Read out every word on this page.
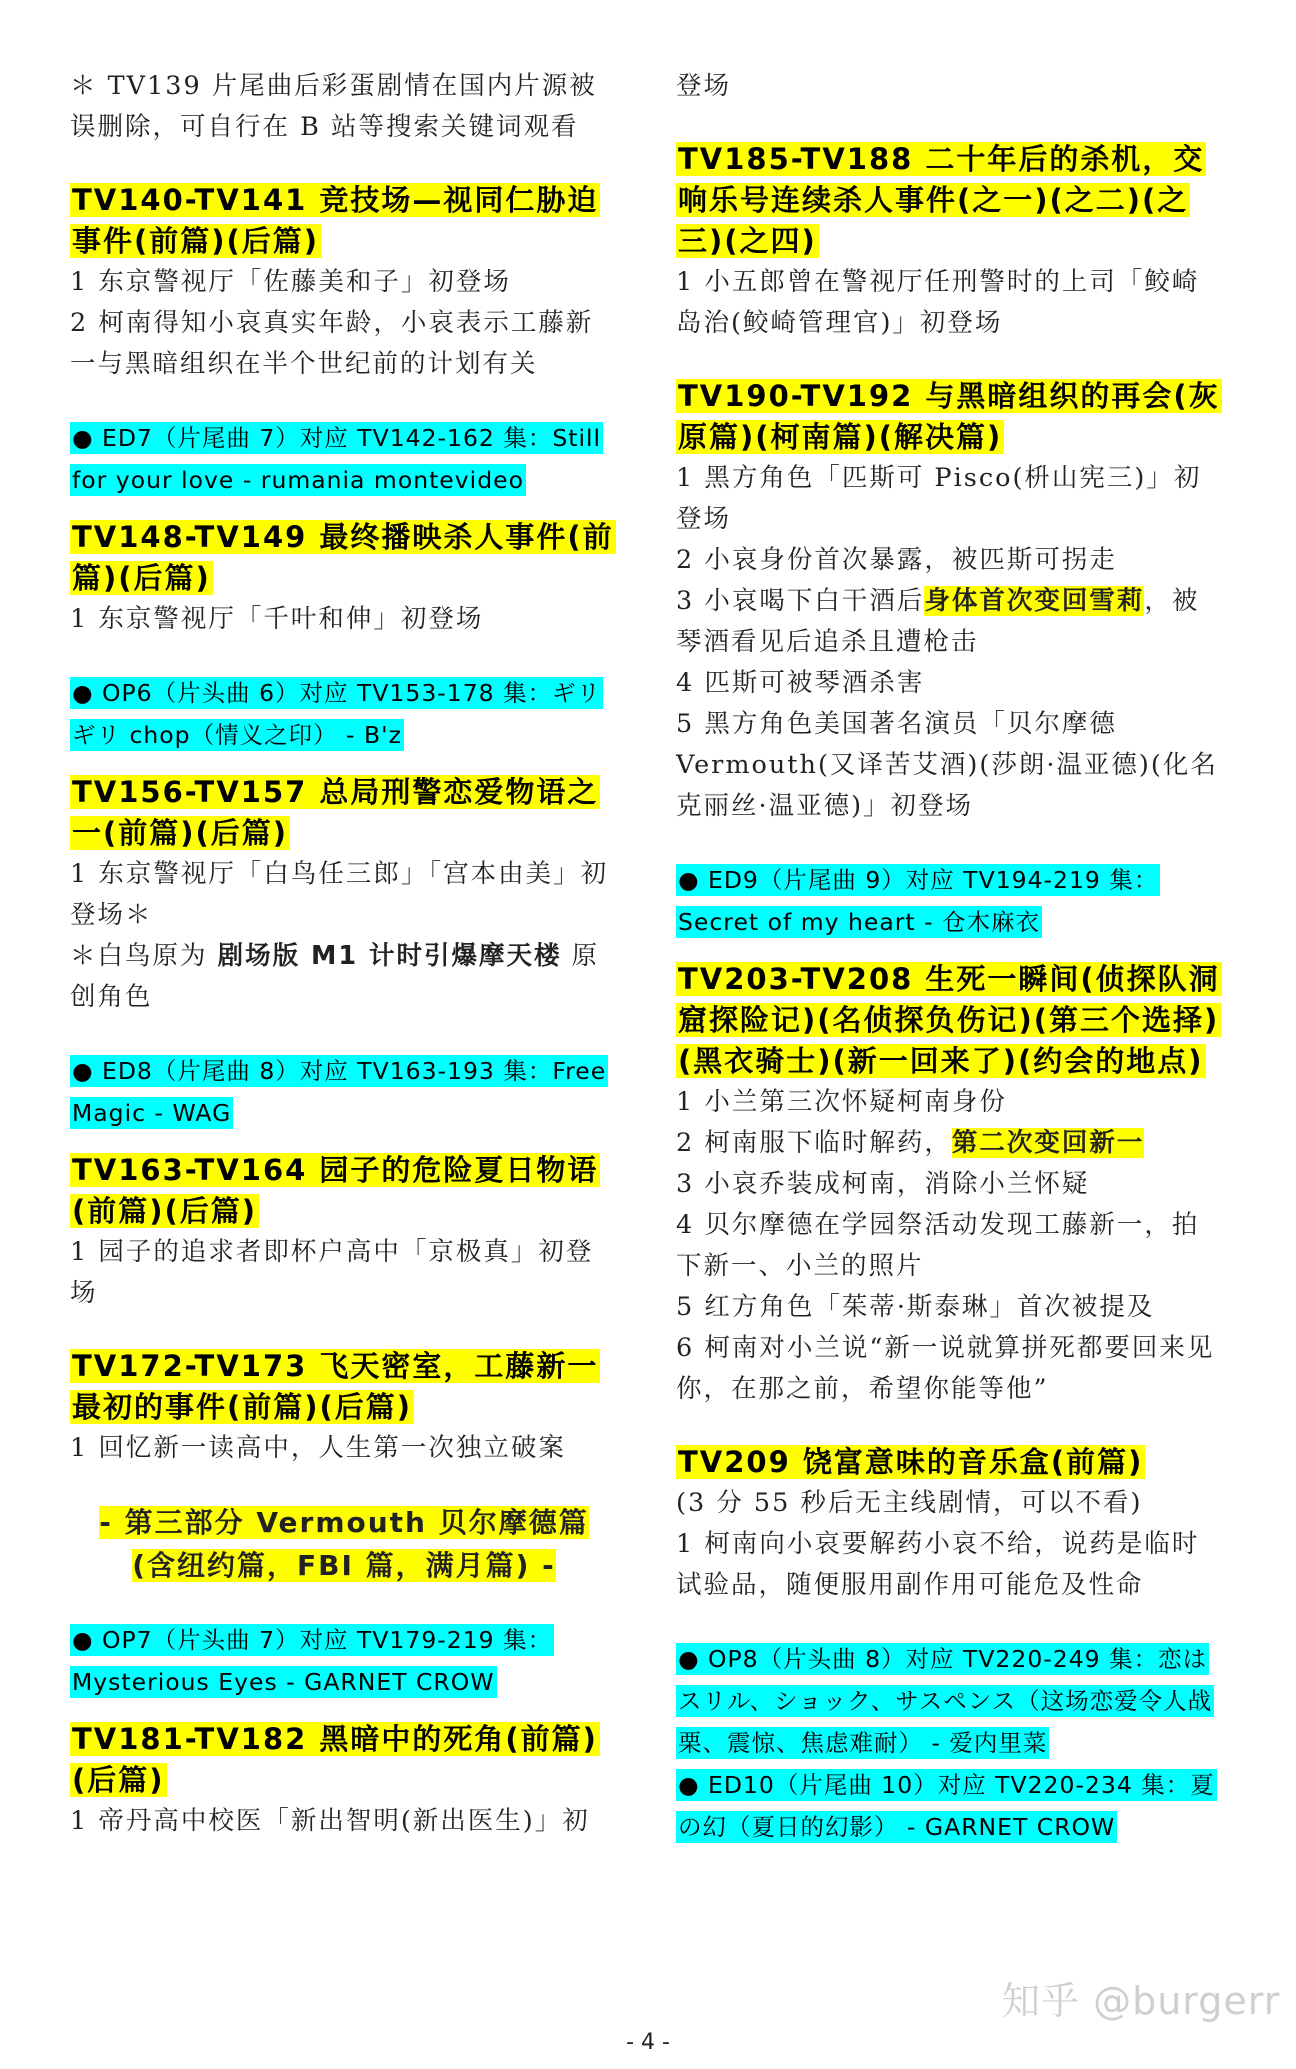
＊ TV139 片尾曲后彩蛋剧情在国内片源被误删除，可自行在 B 站等搜索关键词观看

TV140-TV141 竞技场—视同仁胁迫事件(前篇)(后篇)

1 东京警视厅「佐藤美和子」初登场

2 柯南得知小哀真实年龄，小哀表示工藤新一与黑暗组织在半个世纪前的计划有关

● ED7（片尾曲 7）对应 TV142-162 集：Still for your love - rumania montevideo

TV148-TV149 最终播映杀人事件(前篇)(后篇)

1 东京警视厅「千叶和伸」初登场

● OP6（片头曲 6）对应 TV153-178 集：ギリギリ chop（情义之印） - B'z

TV156-TV157 总局刑警恋爱物语之一(前篇)(后篇)

1 东京警视厅「白鸟任三郎」「宫本由美」初登场＊

＊白鸟原为 剧场版 M1 计时引爆摩天楼 原创角色

● ED8（片尾曲 8）对应 TV163-193 集：Free Magic - WAG

TV163-TV164 园子的危险夏日物语(前篇)(后篇)

1 园子的追求者即杯户高中「京极真」初登场

TV172-TV173 飞天密室，工藤新一最初的事件(前篇)(后篇)

1 回忆新一读高中，人生第一次独立破案

- 第三部分 Vermouth 贝尔摩德篇

(含纽约篇，FBI 篇，满月篇) -

● OP7（片头曲 7）对应 TV179-219 集：Mysterious Eyes - GARNET CROW

TV181-TV182 黑暗中的死角(前篇)(后篇)

1 帝丹高中校医「新出智明(新出医生)」初

登场

TV185-TV188 二十年后的杀机，交响乐号连续杀人事件(之一)(之二)(之三)(之四)

1 小五郎曾在警视厅任刑警时的上司「鲛崎岛治(鲛崎管理官)」初登场

TV190-TV192 与黑暗组织的再会(灰原篇)(柯南篇)(解决篇)

1 黑方角色「匹斯可 Pisco(枡山宪三)」初登场

2 小哀身份首次暴露，被匹斯可拐走

3 小哀喝下白干酒后身体首次变回雪莉，被琴酒看见后追杀且遭枪击

4 匹斯可被琴酒杀害

5 黑方角色美国著名演员「贝尔摩德 Vermouth(又译苦艾酒)(莎朗·温亚德)(化名克丽丝·温亚德)」初登场

● ED9（片尾曲 9）对应 TV194-219 集：Secret of my heart - 仓木麻衣

TV203-TV208 生死一瞬间(侦探队洞窟探险记)(名侦探负伤记)(第三个选择)(黑衣骑士)(新一回来了)(约会的地点)

1 小兰第三次怀疑柯南身份

2 柯南服下临时解药，第二次变回新一

3 小哀乔装成柯南，消除小兰怀疑

4 贝尔摩德在学园祭活动发现工藤新一，拍下新一、小兰的照片

5 红方角色「茱蒂·斯泰琳」首次被提及

6 柯南对小兰说“新一说就算拼死都要回来见你，在那之前，希望你能等他”

TV209 饶富意味的音乐盒(前篇)

(3 分 55 秒后无主线剧情，可以不看)

1 柯南向小哀要解药小哀不给，说药是临时试验品，随便服用副作用可能危及性命

● OP8（片头曲 8）对应 TV220-249 集：恋はスリル、ショック、サスペンス（这场恋爱令人战栗、震惊、焦虑难耐） - 爱内里菜

● ED10（片尾曲 10）对应 TV220-234 集：夏の幻（夏日的幻影） - GARNET CROW

知乎 @burgerr
- 4 -
